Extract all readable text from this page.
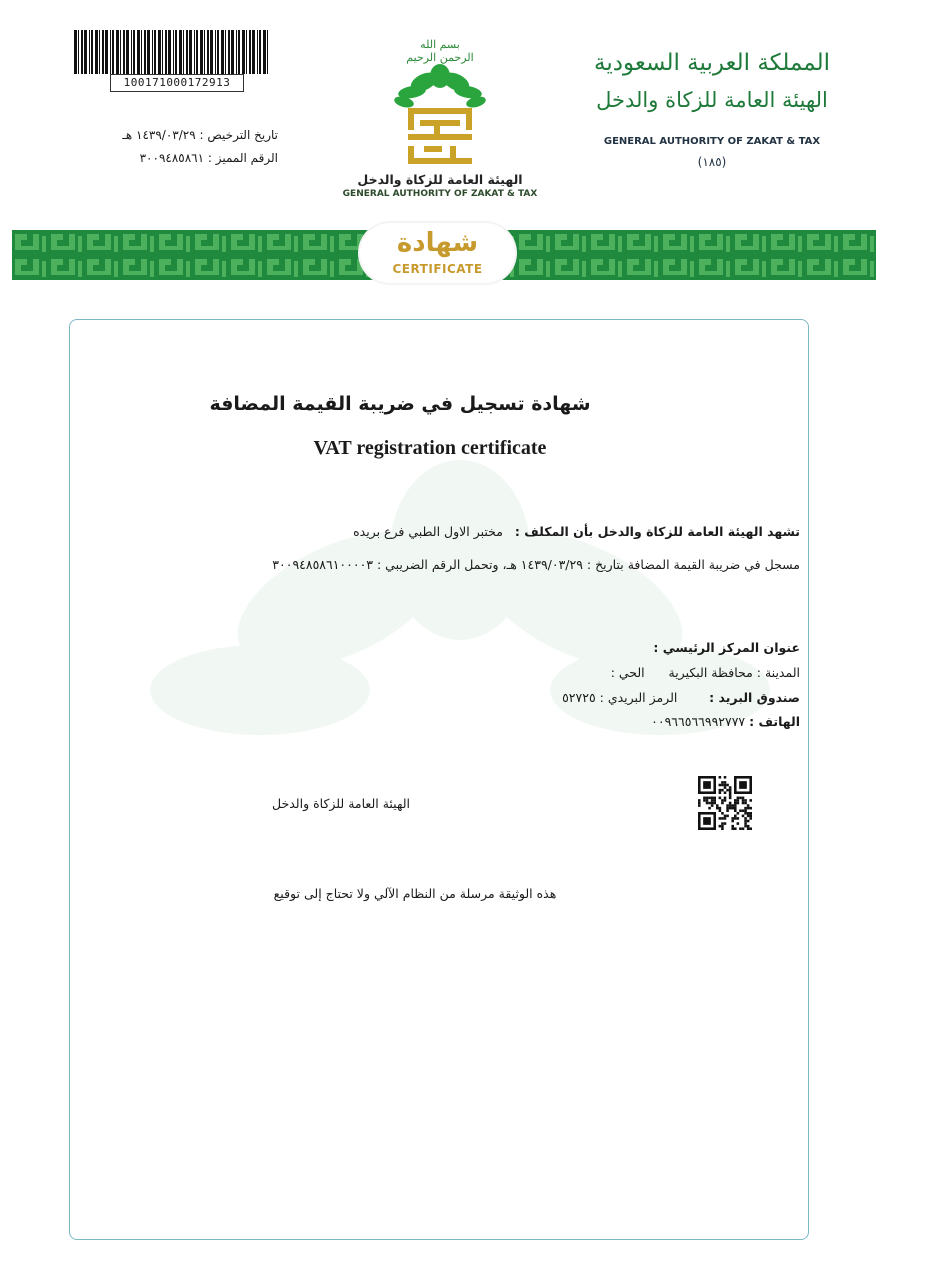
100171000172913
تاريخ الترخيص : ١٤٣٩/٠٣/٢٩ هـ
الرقم المميز : ٣٠٠٩٤٨٥٨٦١
بسم الله الرحمن الرحيم
الهيئة العامة للزكاة والدخل
GENERAL AUTHORITY OF ZAKAT & TAX
المملكة العربية السعودية
الهيئة العامة للزكاة والدخل
GENERAL AUTHORITY OF ZAKAT & TAX
(١٨٥)
شهادة
CERTIFICATE
شهادة تسجيل في ضريبة القيمة المضافة
VAT registration certificate
تشهد الهيئة العامة للزكاة والدخل بأن المكلف :   مختبر الاول الطبي فرع بريده
مسجل في ضريبة القيمة المضافة بتاريخ : ١٤٣٩/٠٣/٢٩ هـ، وتحمل الرقم الضريبي : ٣٠٠٩٤٨٥٨٦١٠٠٠٠٣
عنوان المركز الرئيسي :
المدينة : محافظة البكيرية      الحي :
صندوق البريد :        الرمز البريدي : ٥٢٧٢٥
الهاتف : ٠٠٩٦٦٥٦٦٩٩٢٧٧٧
الهيئة العامة للزكاة والدخل
هذه الوثيقة مرسلة من النظام الآلي ولا تحتاج إلى توقيع
